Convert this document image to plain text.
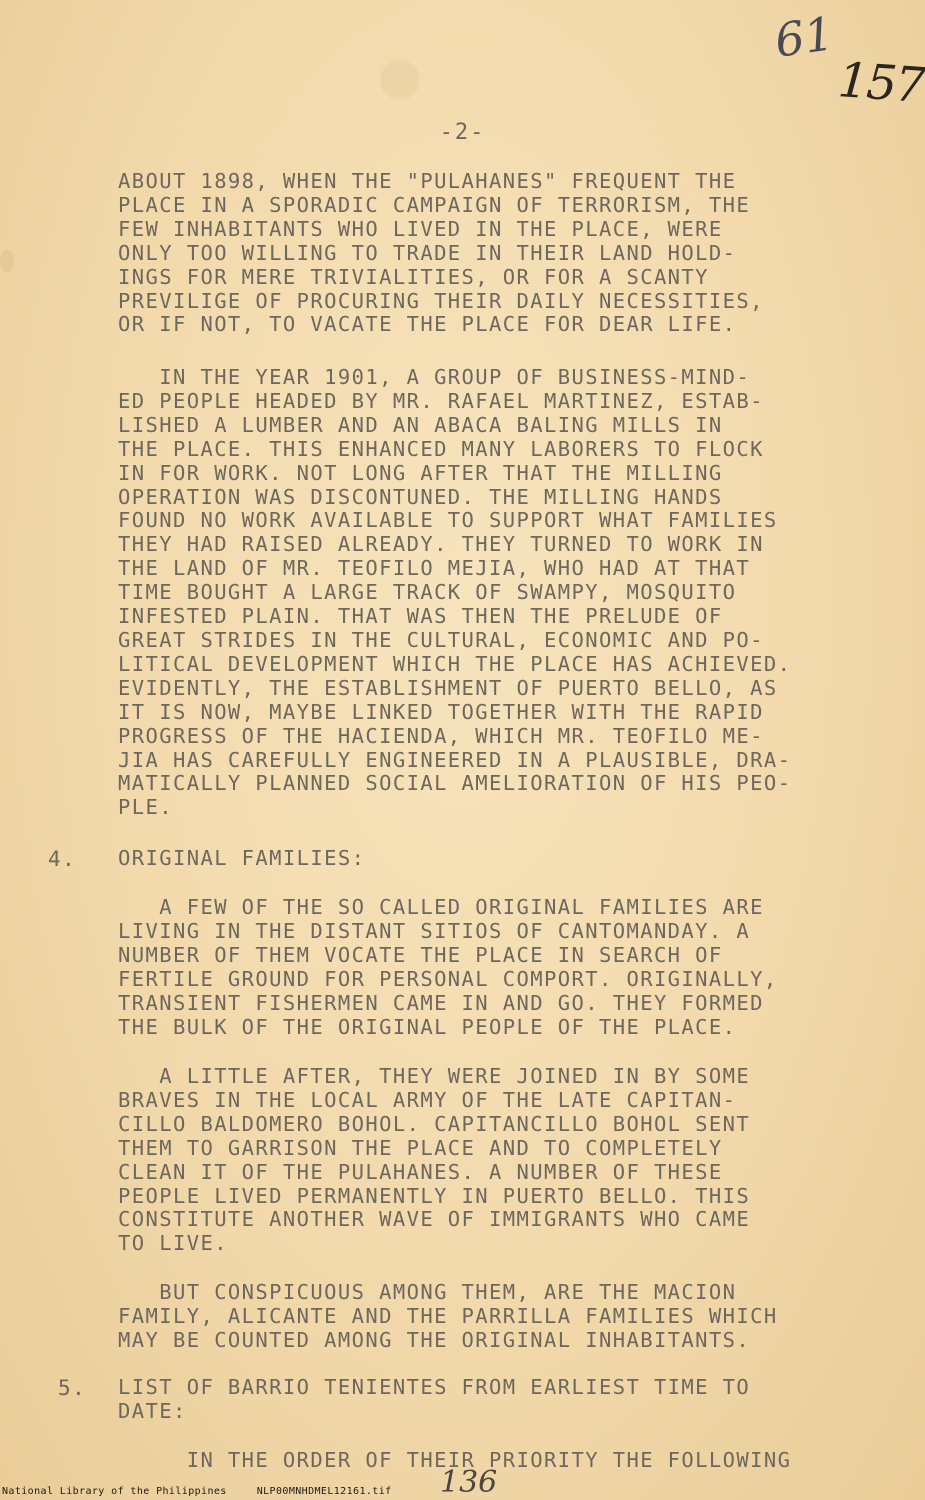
61
157
-2-
ABOUT 1898, WHEN THE "PULAHANES" FREQUENT THE
PLACE IN A SPORADIC CAMPAIGN OF TERRORISM, THE
FEW INHABITANTS WHO LIVED IN THE PLACE, WERE
ONLY TOO WILLING TO TRADE IN THEIR LAND HOLD-
INGS FOR MERE TRIVIALITIES, OR FOR A SCANTY
PREVILIGE OF PROCURING THEIR DAILY NECESSITIES,
OR IF NOT, TO VACATE THE PLACE FOR DEAR LIFE.
IN THE YEAR 1901, A GROUP OF BUSINESS-MIND-
ED PEOPLE HEADED BY MR. RAFAEL MARTINEZ, ESTAB-
LISHED A LUMBER AND AN ABACA BALING MILLS IN
THE PLACE. THIS ENHANCED MANY LABORERS TO FLOCK
IN FOR WORK. NOT LONG AFTER THAT THE MILLING
OPERATION WAS DISCONTUNED. THE MILLING HANDS
FOUND NO WORK AVAILABLE TO SUPPORT WHAT FAMILIES
THEY HAD RAISED ALREADY. THEY TURNED TO WORK IN
THE LAND OF MR. TEOFILO MEJIA, WHO HAD AT THAT
TIME BOUGHT A LARGE TRACK OF SWAMPY, MOSQUITO
INFESTED PLAIN. THAT WAS THEN THE PRELUDE OF
GREAT STRIDES IN THE CULTURAL, ECONOMIC AND PO-
LITICAL DEVELOPMENT WHICH THE PLACE HAS ACHIEVED.
EVIDENTLY, THE ESTABLISHMENT OF PUERTO BELLO, AS
IT IS NOW, MAYBE LINKED TOGETHER WITH THE RAPID
PROGRESS OF THE HACIENDA, WHICH MR. TEOFILO ME-
JIA HAS CAREFULLY ENGINEERED IN A PLAUSIBLE, DRA-
MATICALLY PLANNED SOCIAL AMELIORATION OF HIS PEO-
PLE.
4. ORIGINAL FAMILIES:
A FEW OF THE SO CALLED ORIGINAL FAMILIES ARE
LIVING IN THE DISTANT SITIOS OF CANTOMANDAY. A
NUMBER OF THEM VOCATE THE PLACE IN SEARCH OF
FERTILE GROUND FOR PERSONAL COMPORT. ORIGINALLY,
TRANSIENT FISHERMEN CAME IN AND GO. THEY FORMED
THE BULK OF THE ORIGINAL PEOPLE OF THE PLACE.
A LITTLE AFTER, THEY WERE JOINED IN BY SOME
BRAVES IN THE LOCAL ARMY OF THE LATE CAPITAN-
CILLO BALDOMERO BOHOL. CAPITANCILLO BOHOL SENT
THEM TO GARRISON THE PLACE AND TO COMPLETELY
CLEAN IT OF THE PULAHANES. A NUMBER OF THESE
PEOPLE LIVED PERMANENTLY IN PUERTO BELLO. THIS
CONSTITUTE ANOTHER WAVE OF IMMIGRANTS WHO CAME
TO LIVE.
BUT CONSPICUOUS AMONG THEM, ARE THE MACION
FAMILY, ALICANTE AND THE PARRILLA FAMILIES WHICH
MAY BE COUNTED AMONG THE ORIGINAL INHABITANTS.
5. LIST OF BARRIO TENIENTES FROM EARLIEST TIME TO
DATE:
IN THE ORDER OF THEIR PRIORITY THE FOLLOWING
136
National Library of the Philippines	NLP00MNHDMEL12161.tif
